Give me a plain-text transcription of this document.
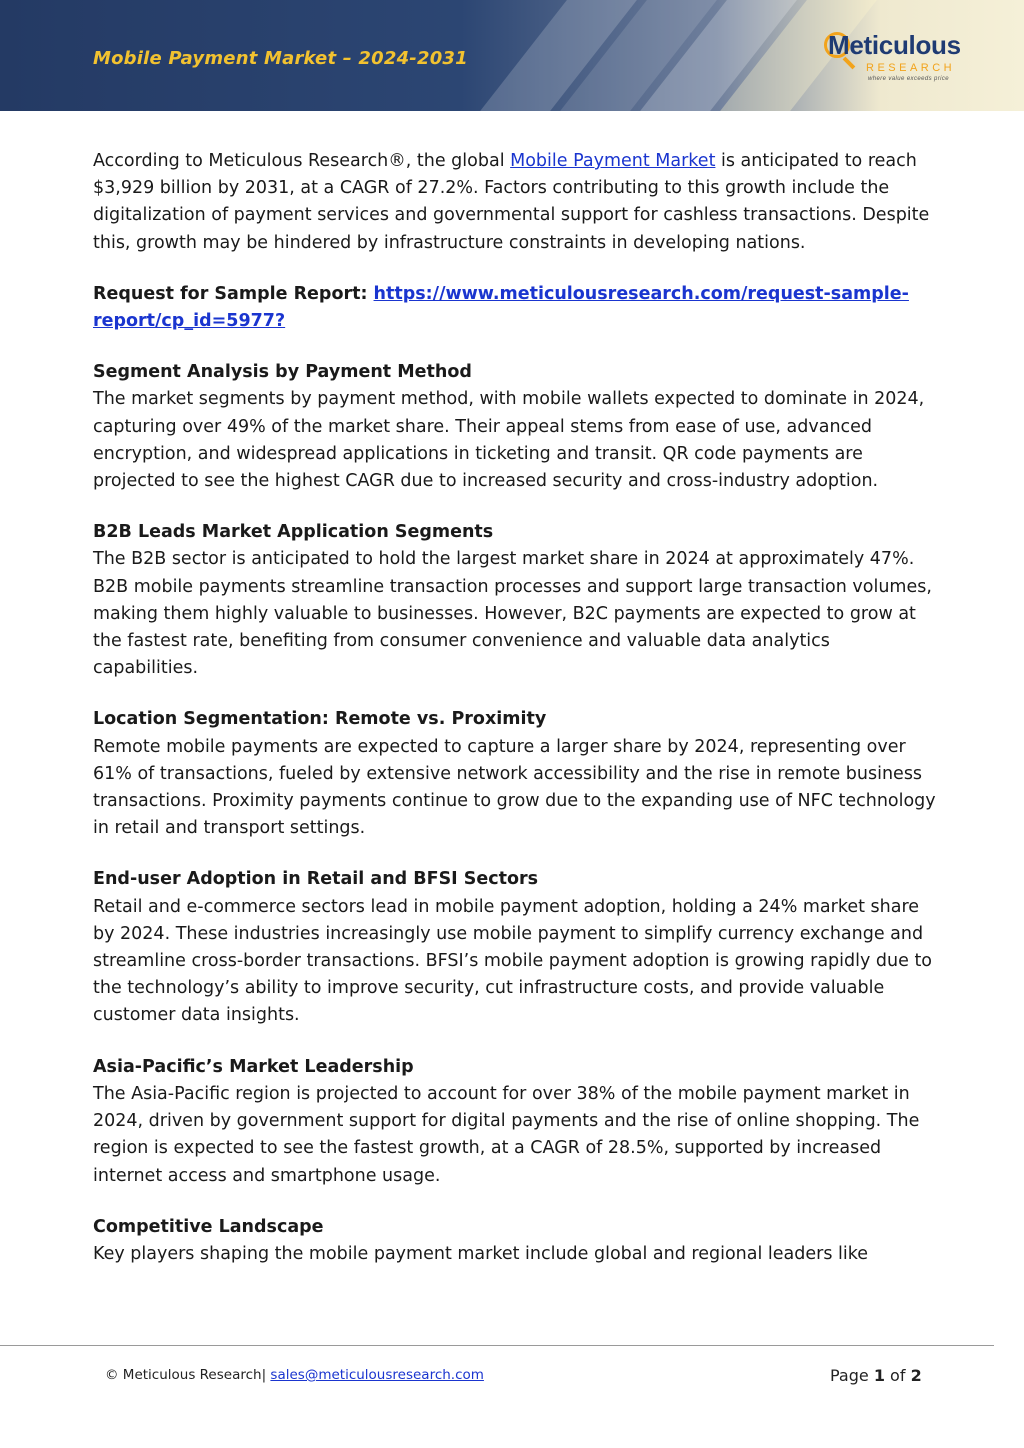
Mobile Payment Market – 2024-2031	Meticulous
RESEARCH
where value exceeds price

According to Meticulous Research®, the global Mobile Payment Market is anticipated to reach $3,929 billion by 2031, at a CAGR of 27.2%. Factors contributing to this growth include the digitalization of payment services and governmental support for cashless transactions. Despite this, growth may be hindered by infrastructure constraints in developing nations.

Request for Sample Report: https://www.meticulousresearch.com/request-sample-report/cp_id=5977?

Segment Analysis by Payment Method

The market segments by payment method, with mobile wallets expected to dominate in 2024, capturing over 49% of the market share. Their appeal stems from ease of use, advanced encryption, and widespread applications in ticketing and transit. QR code payments are projected to see the highest CAGR due to increased security and cross-industry adoption.

B2B Leads Market Application Segments

The B2B sector is anticipated to hold the largest market share in 2024 at approximately 47%. B2B mobile payments streamline transaction processes and support large transaction volumes, making them highly valuable to businesses. However, B2C payments are expected to grow at the fastest rate, benefiting from consumer convenience and valuable data analytics capabilities.

Location Segmentation: Remote vs. Proximity

Remote mobile payments are expected to capture a larger share by 2024, representing over 61% of transactions, fueled by extensive network accessibility and the rise in remote business transactions. Proximity payments continue to grow due to the expanding use of NFC technology in retail and transport settings.

End-user Adoption in Retail and BFSI Sectors

Retail and e-commerce sectors lead in mobile payment adoption, holding a 24% market share by 2024. These industries increasingly use mobile payment to simplify currency exchange and streamline cross-border transactions. BFSI’s mobile payment adoption is growing rapidly due to the technology’s ability to improve security, cut infrastructure costs, and provide valuable customer data insights.

Asia-Pacific’s Market Leadership

The Asia-Pacific region is projected to account for over 38% of the mobile payment market in 2024, driven by government support for digital payments and the rise of online shopping. The region is expected to see the fastest growth, at a CAGR of 28.5%, supported by increased internet access and smartphone usage.

Competitive Landscape

Key players shaping the mobile payment market include global and regional leaders like

© Meticulous Research| sales@meticulousresearch.com	Page 1 of 2
